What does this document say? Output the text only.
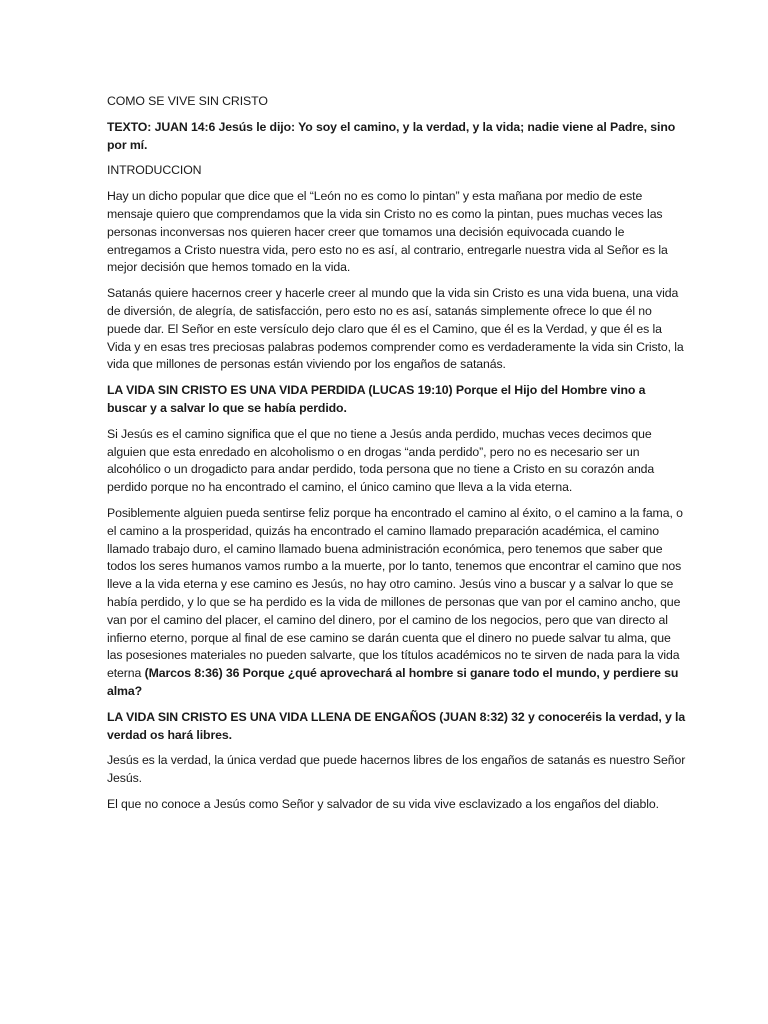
COMO SE VIVE SIN CRISTO

TEXTO: JUAN 14:6 Jesús le dijo: Yo soy el camino, y la verdad, y la vida; nadie viene al Padre, sino por mí.

INTRODUCCION

Hay un dicho popular que dice que el “León no es como lo pintan” y esta mañana por medio de este mensaje quiero que comprendamos que la vida sin Cristo no es como la pintan, pues muchas veces las personas inconversas nos quieren hacer creer que tomamos una decisión equivocada cuando le entregamos a Cristo nuestra vida, pero esto no es así, al contrario, entregarle nuestra vida al Señor es la mejor decisión que hemos tomado en la vida.

Satanás quiere hacernos creer y hacerle creer al mundo que la vida sin Cristo es una vida buena, una vida de diversión, de alegría, de satisfacción, pero esto no es así, satanás simplemente ofrece lo que él no puede dar. El Señor en este versículo dejo claro que él es el Camino, que él es la Verdad, y que él es la Vida y en esas tres preciosas palabras podemos comprender como es verdaderamente la vida sin Cristo, la vida que millones de personas están viviendo por los engaños de satanás.

LA VIDA SIN CRISTO ES UNA VIDA PERDIDA (LUCAS 19:10) Porque el Hijo del Hombre vino a buscar y a salvar lo que se había perdido.

Si Jesús es el camino significa que el que no tiene a Jesús anda perdido, muchas veces decimos que alguien que esta enredado en alcoholismo o en drogas “anda perdido”, pero no es necesario ser un alcohólico o un drogadicto para andar perdido, toda persona que no tiene a Cristo en su corazón anda perdido porque no ha encontrado el camino, el único camino que lleva a la vida eterna.

Posiblemente alguien pueda sentirse feliz porque ha encontrado el camino al éxito, o el camino a la fama, o el camino a la prosperidad, quizás ha encontrado el camino llamado preparación académica, el camino llamado trabajo duro, el camino llamado buena administración económica, pero tenemos que saber que todos los seres humanos vamos rumbo a la muerte, por lo tanto, tenemos que encontrar el camino que nos lleve a la vida eterna y ese camino es Jesús, no hay otro camino. Jesús vino a buscar y a salvar lo que se había perdido, y lo que se ha perdido es la vida de millones de personas que van por el camino ancho, que van por el camino del placer, el camino del dinero, por el camino de los negocios, pero que van directo al infierno eterno, porque al final de ese camino se darán cuenta que el dinero no puede salvar tu alma, que las posesiones materiales no pueden salvarte, que los títulos académicos no te sirven de nada para la vida eterna (Marcos 8:36) 36 Porque ¿qué aprovechará al hombre si ganare todo el mundo, y perdiere su alma?

LA VIDA SIN CRISTO ES UNA VIDA LLENA DE ENGAÑOS (JUAN 8:32) 32 y conoceréis la verdad, y la verdad os hará libres.

Jesús es la verdad, la única verdad que puede hacernos libres de los engaños de satanás es nuestro Señor Jesús.

El que no conoce a Jesús como Señor y salvador de su vida vive esclavizado a los engaños del diablo.
